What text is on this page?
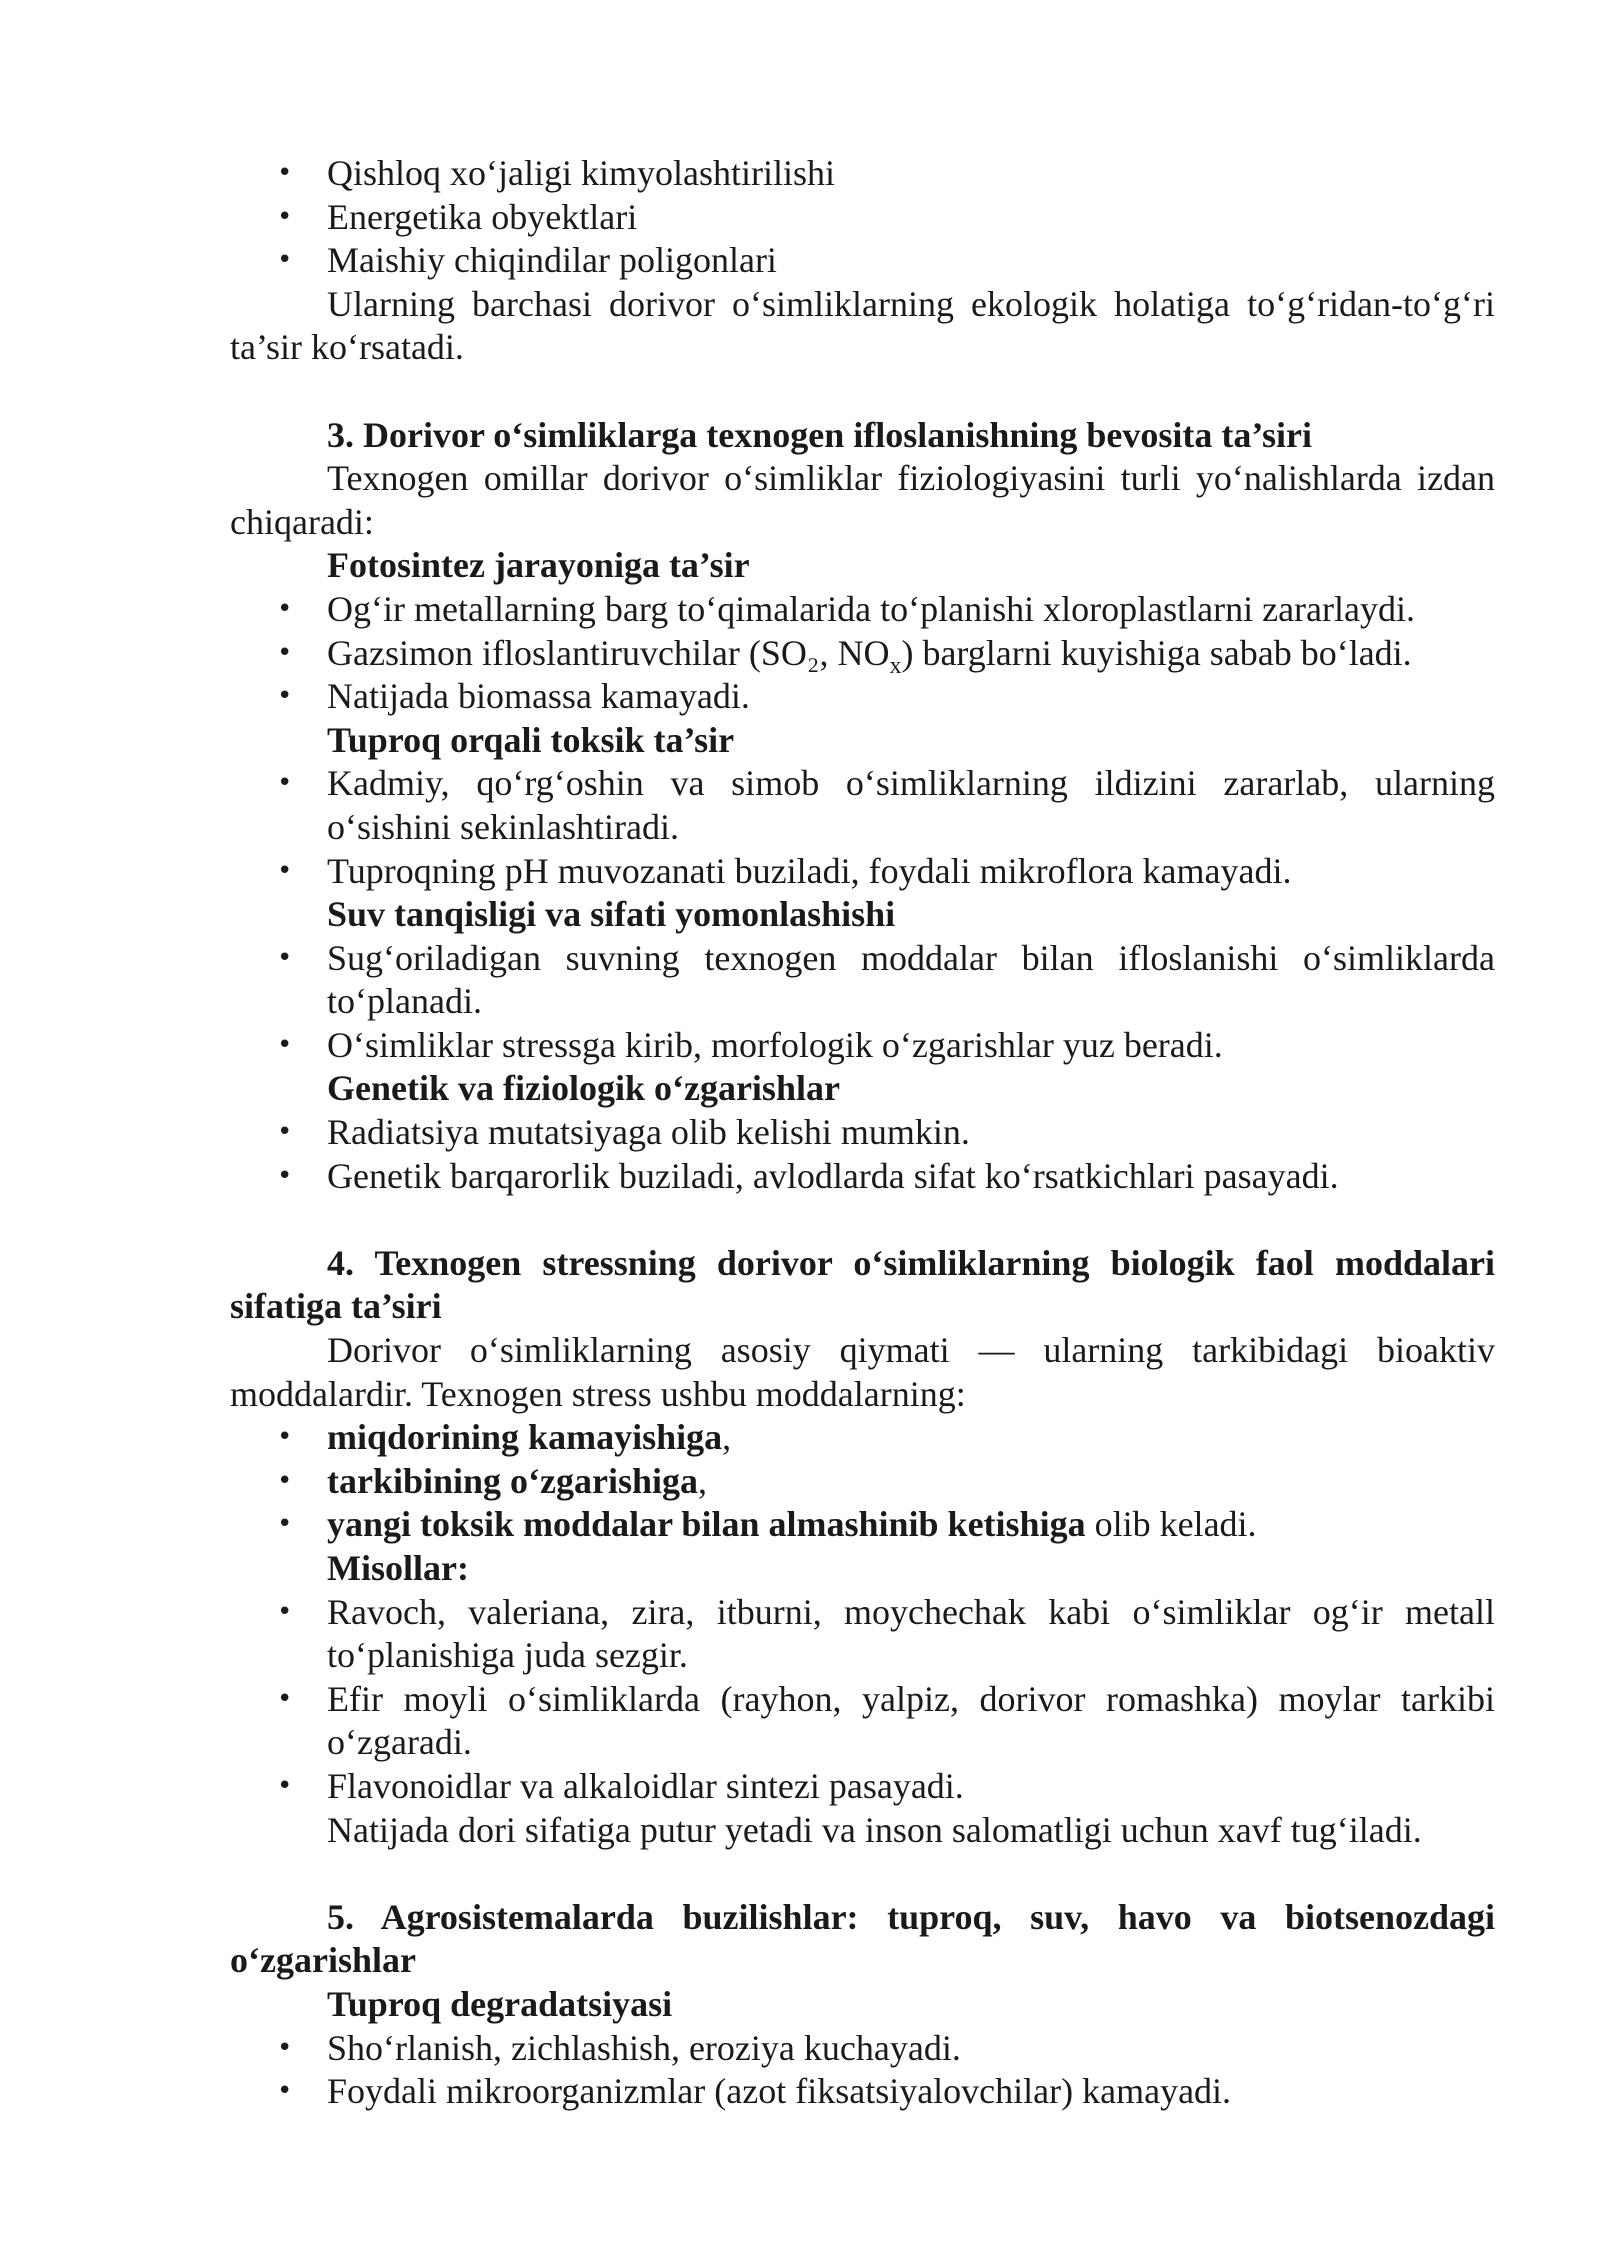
• Qishloq xo‘jaligi kimyolashtirilishi
• Energetika obyektlari
• Maishiy chiqindilar poligonlari

Ularning barchasi dorivor o‘simliklarning ekologik holatiga to‘g‘ridan-to‘g‘ri ta’sir ko‘rsatadi.

3. Dorivor o‘simliklarga texnogen ifloslanishning bevosita ta’siri

Texnogen omillar dorivor o‘simliklar fiziologiyasini turli yo‘nalishlarda izdan chiqaradi:

Fotosintez jarayoniga ta’sir

• Og‘ir metallarning barg to‘qimalarida to‘planishi xloroplastlarni zararlaydi.
• Gazsimon ifloslantiruvchilar (SO₂, $NO_x$) barglarni kuyishiga sabab bo‘ladi.
• Natijada biomassa kamayadi.

Tuproq orqali toksik ta’sir

• Kadmiy, qo‘rg‘oshin va simob o‘simliklarning ildizini zararlab, ularning o‘sishini sekinlashtiradi.
• Tuproqning pH muvozanati buziladi, foydali mikroflora kamayadi.

Suv tanqisligi va sifati yomonlashishi

• Sug‘oriladigan suvning texnogen moddalar bilan ifloslanishi o‘simliklarda to‘planadi.
• O‘simliklar stressga kirib, morfologik o‘zgarishlar yuz beradi.

Genetik va fiziologik o‘zgarishlar

• Radiatsiya mutatsiyaga olib kelishi mumkin.
• Genetik barqarorlik buziladi, avlodlarda sifat ko‘rsatkichlari pasayadi.

4. Texnogen stressning dorivor o‘simliklarning biologik faol moddalari sifatiga ta’siri

Dorivor o‘simliklarning asosiy qiymati — ularning tarkibidagi bioaktiv moddalardir. Texnogen stress ushbu moddalarning:

• miqdorining kamayishiga,
• tarkibining o‘zgarishiga,
• yangi toksik moddalar bilan almashinib ketishiga olib keladi.

Misollar:

• Ravoch, valeriana, zira, itburni, moychechak kabi o‘simliklar og‘ir metall to‘planishiga juda sezgir.
• Efir moyli o‘simliklarda (rayhon, yalpiz, dorivor romashka) moylar tarkibi o‘zgaradi.
• Flavonoidlar va alkaloidlar sintezi pasayadi.

Natijada dori sifatiga putur yetadi va inson salomatligi uchun xavf tug‘iladi.

5. Agrosistemalarda buzilishlar: tuproq, suv, havo va biotsenozdagi o‘zgarishlar

Tuproq degradatsiyasi

• Sho‘rlanish, zichlashish, eroziya kuchayadi.
• Foydali mikroorganizmlar (azot fiksatsiyalovchilar) kamayadi.
